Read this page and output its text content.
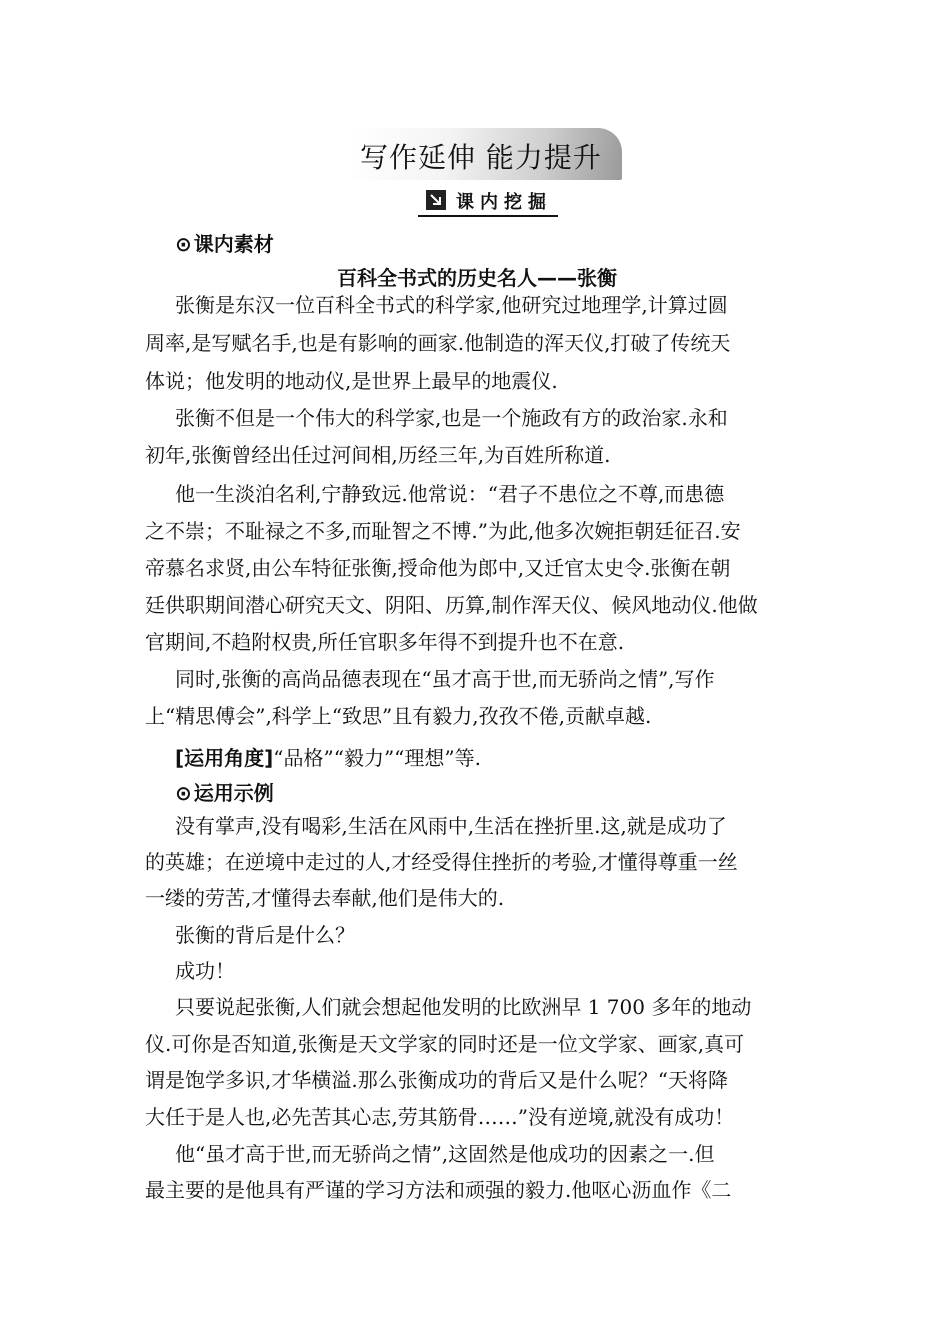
写作延伸 能力提升
课内挖掘
⊙ 课内素材
百科全书式的历史名人——张衡
张衡是东汉一位百科全书式的科学家,他研究过地理学,计算过圆
周率,是写赋名手,也是有影响的画家.他制造的浑天仪,打破了传统天
体说；他发明的地动仪,是世界上最早的地震仪.
张衡不但是一个伟大的科学家,也是一个施政有方的政治家.永和
初年,张衡曾经出任过河间相,历经三年,为百姓所称道.
他一生淡泊名利,宁静致远.他常说：“君子不患位之不尊,而患德
之不崇；不耻禄之不多,而耻智之不博.”为此,他多次婉拒朝廷征召.安
帝慕名求贤,由公车特征张衡,授命他为郎中,又迁官太史令.张衡在朝
廷供职期间潜心研究天文、阴阳、历算,制作浑天仪、候风地动仪.他做
官期间,不趋附权贵,所任官职多年得不到提升也不在意.
同时,张衡的高尚品德表现在“虽才高于世,而无骄尚之情”,写作
上“精思傅会”,科学上“致思”且有毅力,孜孜不倦,贡献卓越.
[运用角度]“品格”“毅力”“理想”等.
⊙ 运用示例
没有掌声,没有喝彩,生活在风雨中,生活在挫折里.这,就是成功了
的英雄；在逆境中走过的人,才经受得住挫折的考验,才懂得尊重一丝
一缕的劳苦,才懂得去奉献,他们是伟大的.
张衡的背后是什么？
成功！
只要说起张衡,人们就会想起他发明的比欧洲早 1 700 多年的地动
仪.可你是否知道,张衡是天文学家的同时还是一位文学家、画家,真可
谓是饱学多识,才华横溢.那么张衡成功的背后又是什么呢？“天将降
大任于是人也,必先苦其心志,劳其筋骨……”没有逆境,就没有成功！
他“虽才高于世,而无骄尚之情”,这固然是他成功的因素之一.但
最主要的是他具有严谨的学习方法和顽强的毅力.他呕心沥血作《二
